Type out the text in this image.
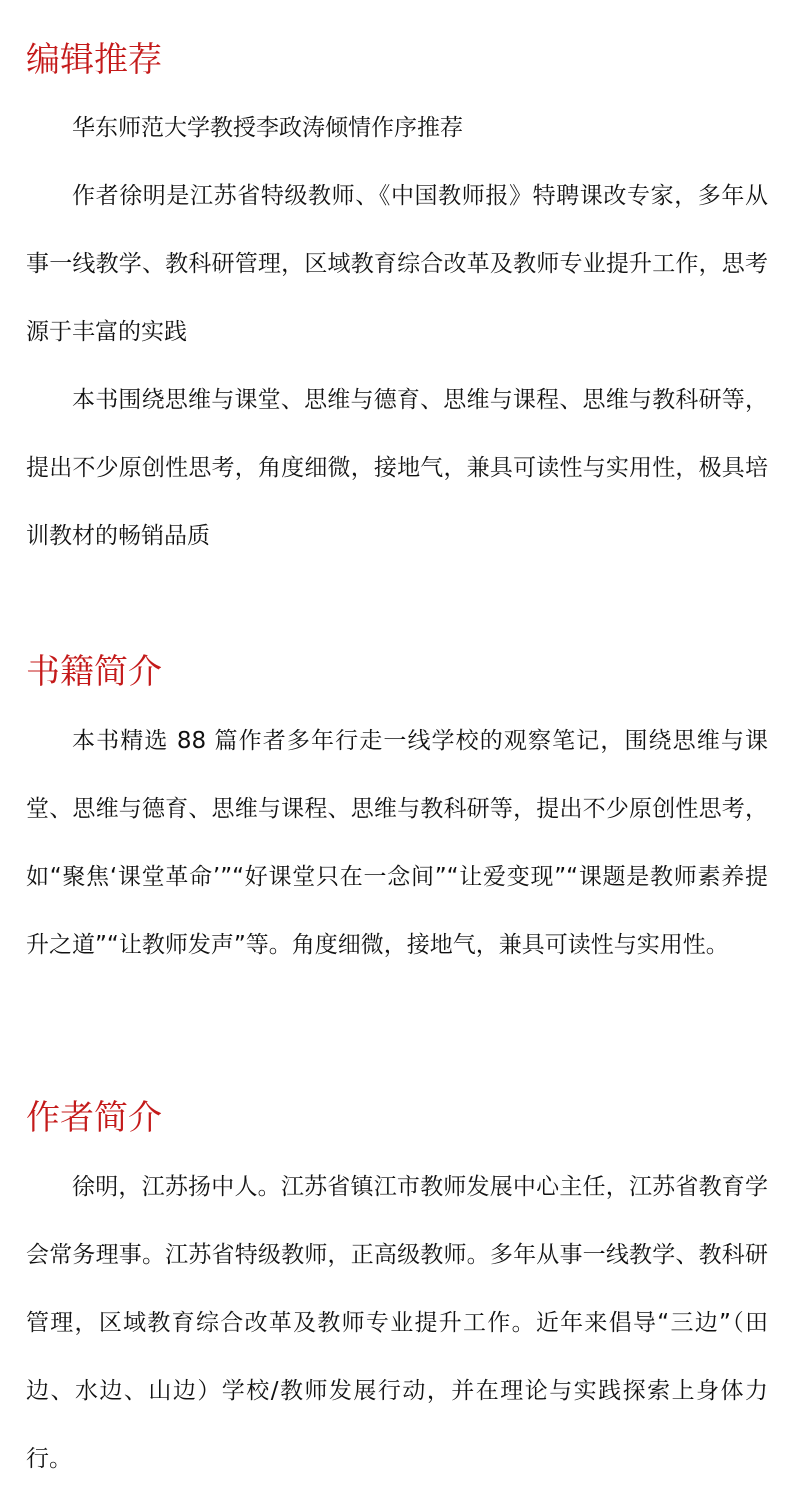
编辑推荐

华东师范大学教授李政涛倾情作序推荐

作者徐明是江苏省特级教师、《中国教师报》特聘课改专家，多年从事一线教学、教科研管理，区域教育综合改革及教师专业提升工作，思考源于丰富的实践

本书围绕思维与课堂、思维与德育、思维与课程、思维与教科研等，提出不少原创性思考，角度细微，接地气，兼具可读性与实用性，极具培训教材的畅销品质

书籍简介

本书精选 88 篇作者多年行走一线学校的观察笔记，围绕思维与课堂、思维与德育、思维与课程、思维与教科研等，提出不少原创性思考，如“聚焦‘课堂革命’”“好课堂只在一念间”“让爱变现”“课题是教师素养提升之道”“让教师发声”等。角度细微，接地气，兼具可读性与实用性。

作者简介

徐明，江苏扬中人。江苏省镇江市教师发展中心主任，江苏省教育学会常务理事。江苏省特级教师，正高级教师。多年从事一线教学、教科研管理，区域教育综合改革及教师专业提升工作。近年来倡导“三边”（田边、水边、山边）学校/教师发展行动，并在理论与实践探索上身体力行。
